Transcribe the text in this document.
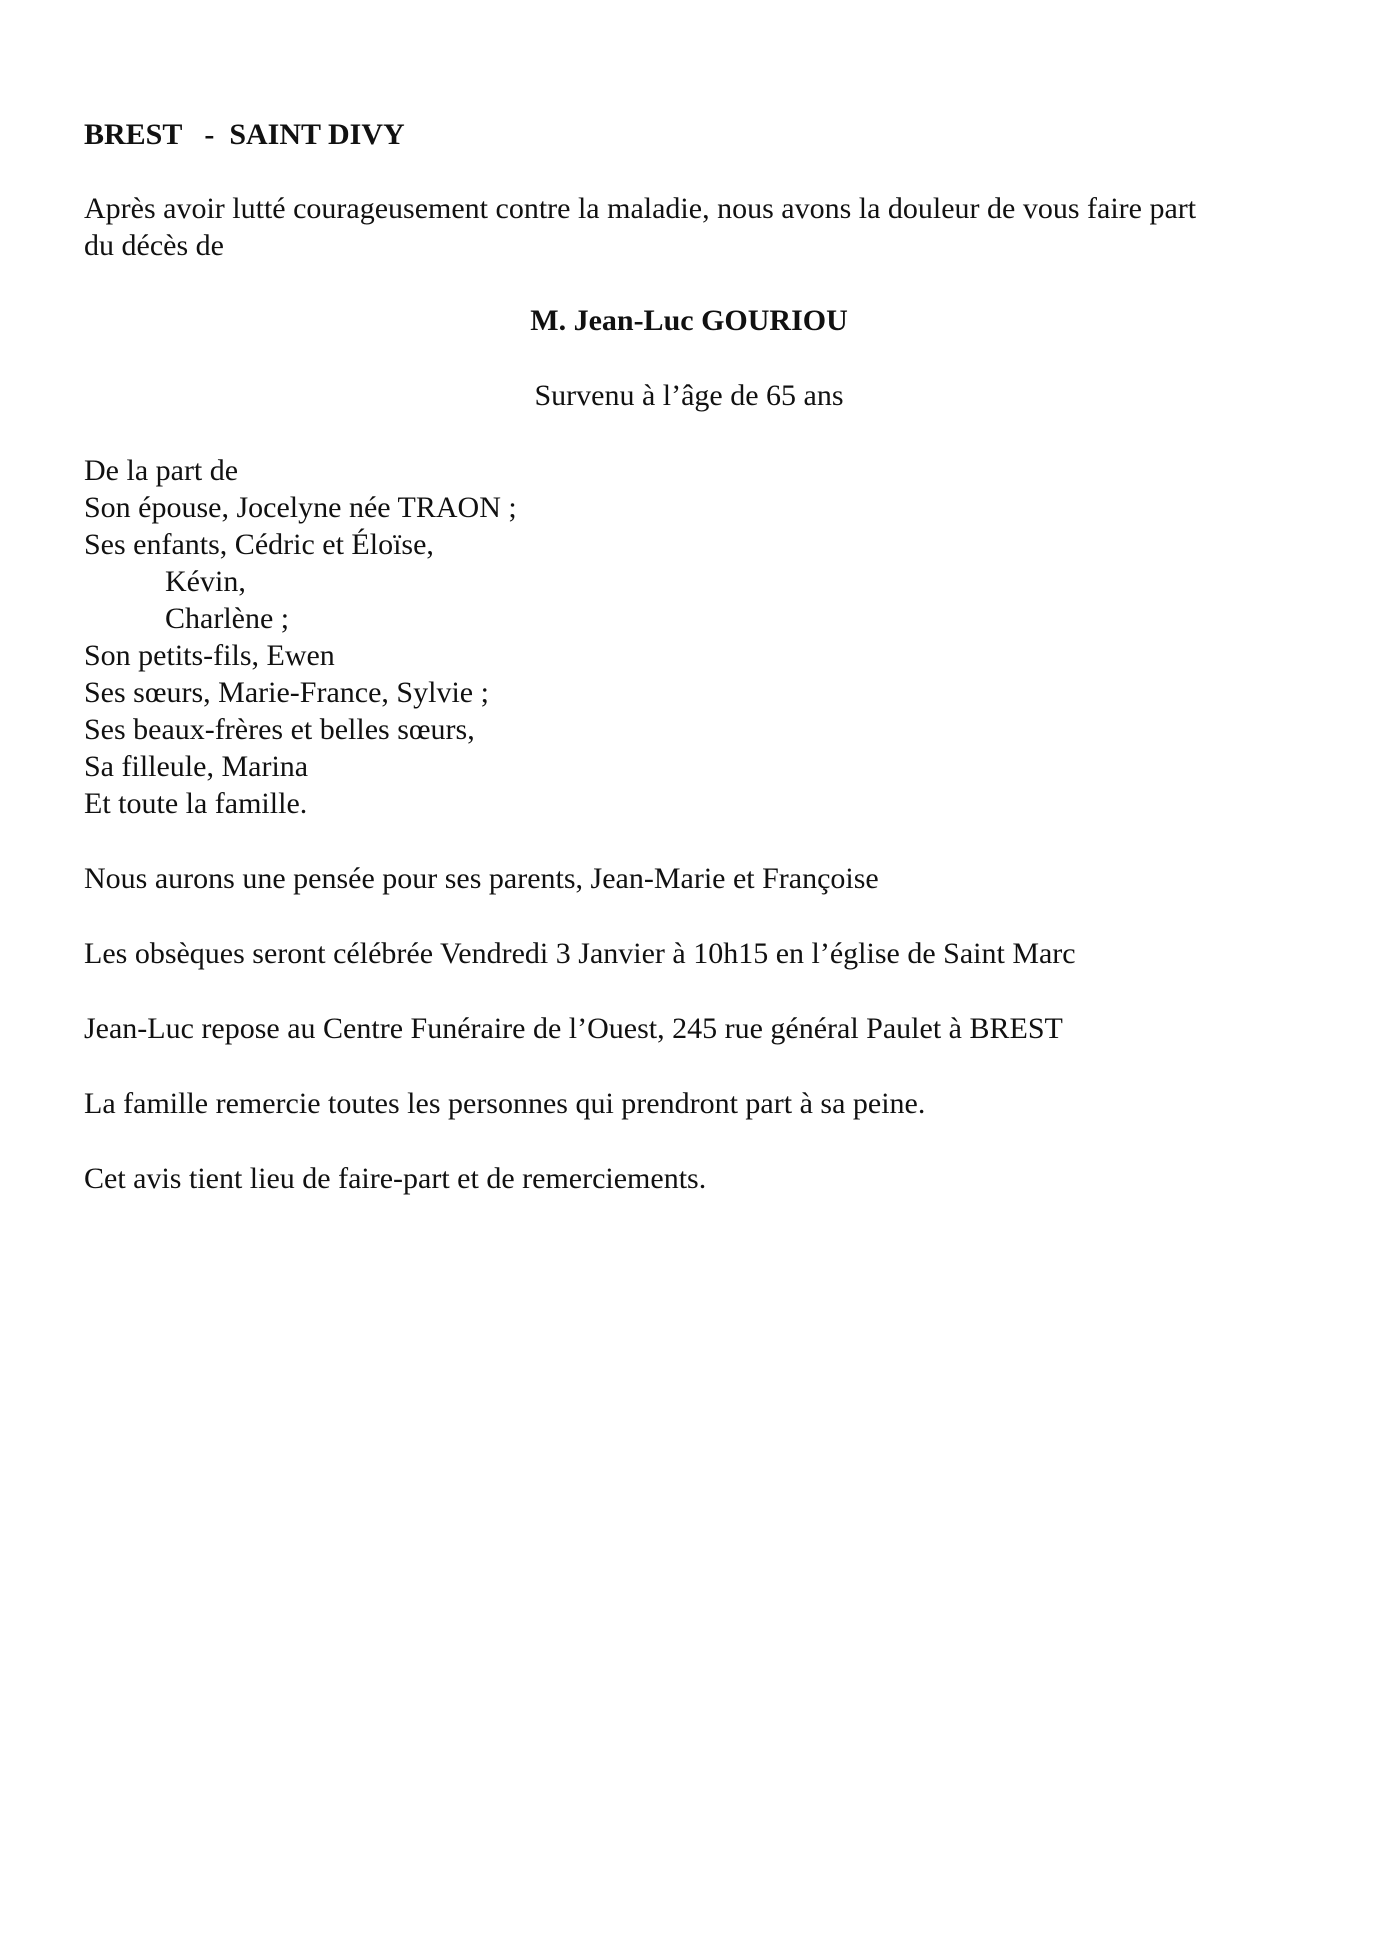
BREST   -  SAINT DIVY
Après avoir lutté courageusement contre la maladie, nous avons la douleur de vous faire part
du décès de
M. Jean-Luc GOURIOU
Survenu à l’âge de 65 ans
De la part de
Son épouse, Jocelyne née TRAON ;
Ses enfants, Cédric et Éloïse,
Kévin,
Charlène ;
Son petits-fils, Ewen
Ses sœurs, Marie-France, Sylvie ;
Ses beaux-frères et belles sœurs,
Sa filleule, Marina
Et toute la famille.
Nous aurons une pensée pour ses parents, Jean-Marie et Françoise
Les obsèques seront célébrée Vendredi 3 Janvier à 10h15 en l’église de Saint Marc
Jean-Luc repose au Centre Funéraire de l’Ouest, 245 rue général Paulet à BREST
La famille remercie toutes les personnes qui prendront part à sa peine.
Cet avis tient lieu de faire-part et de remerciements.
